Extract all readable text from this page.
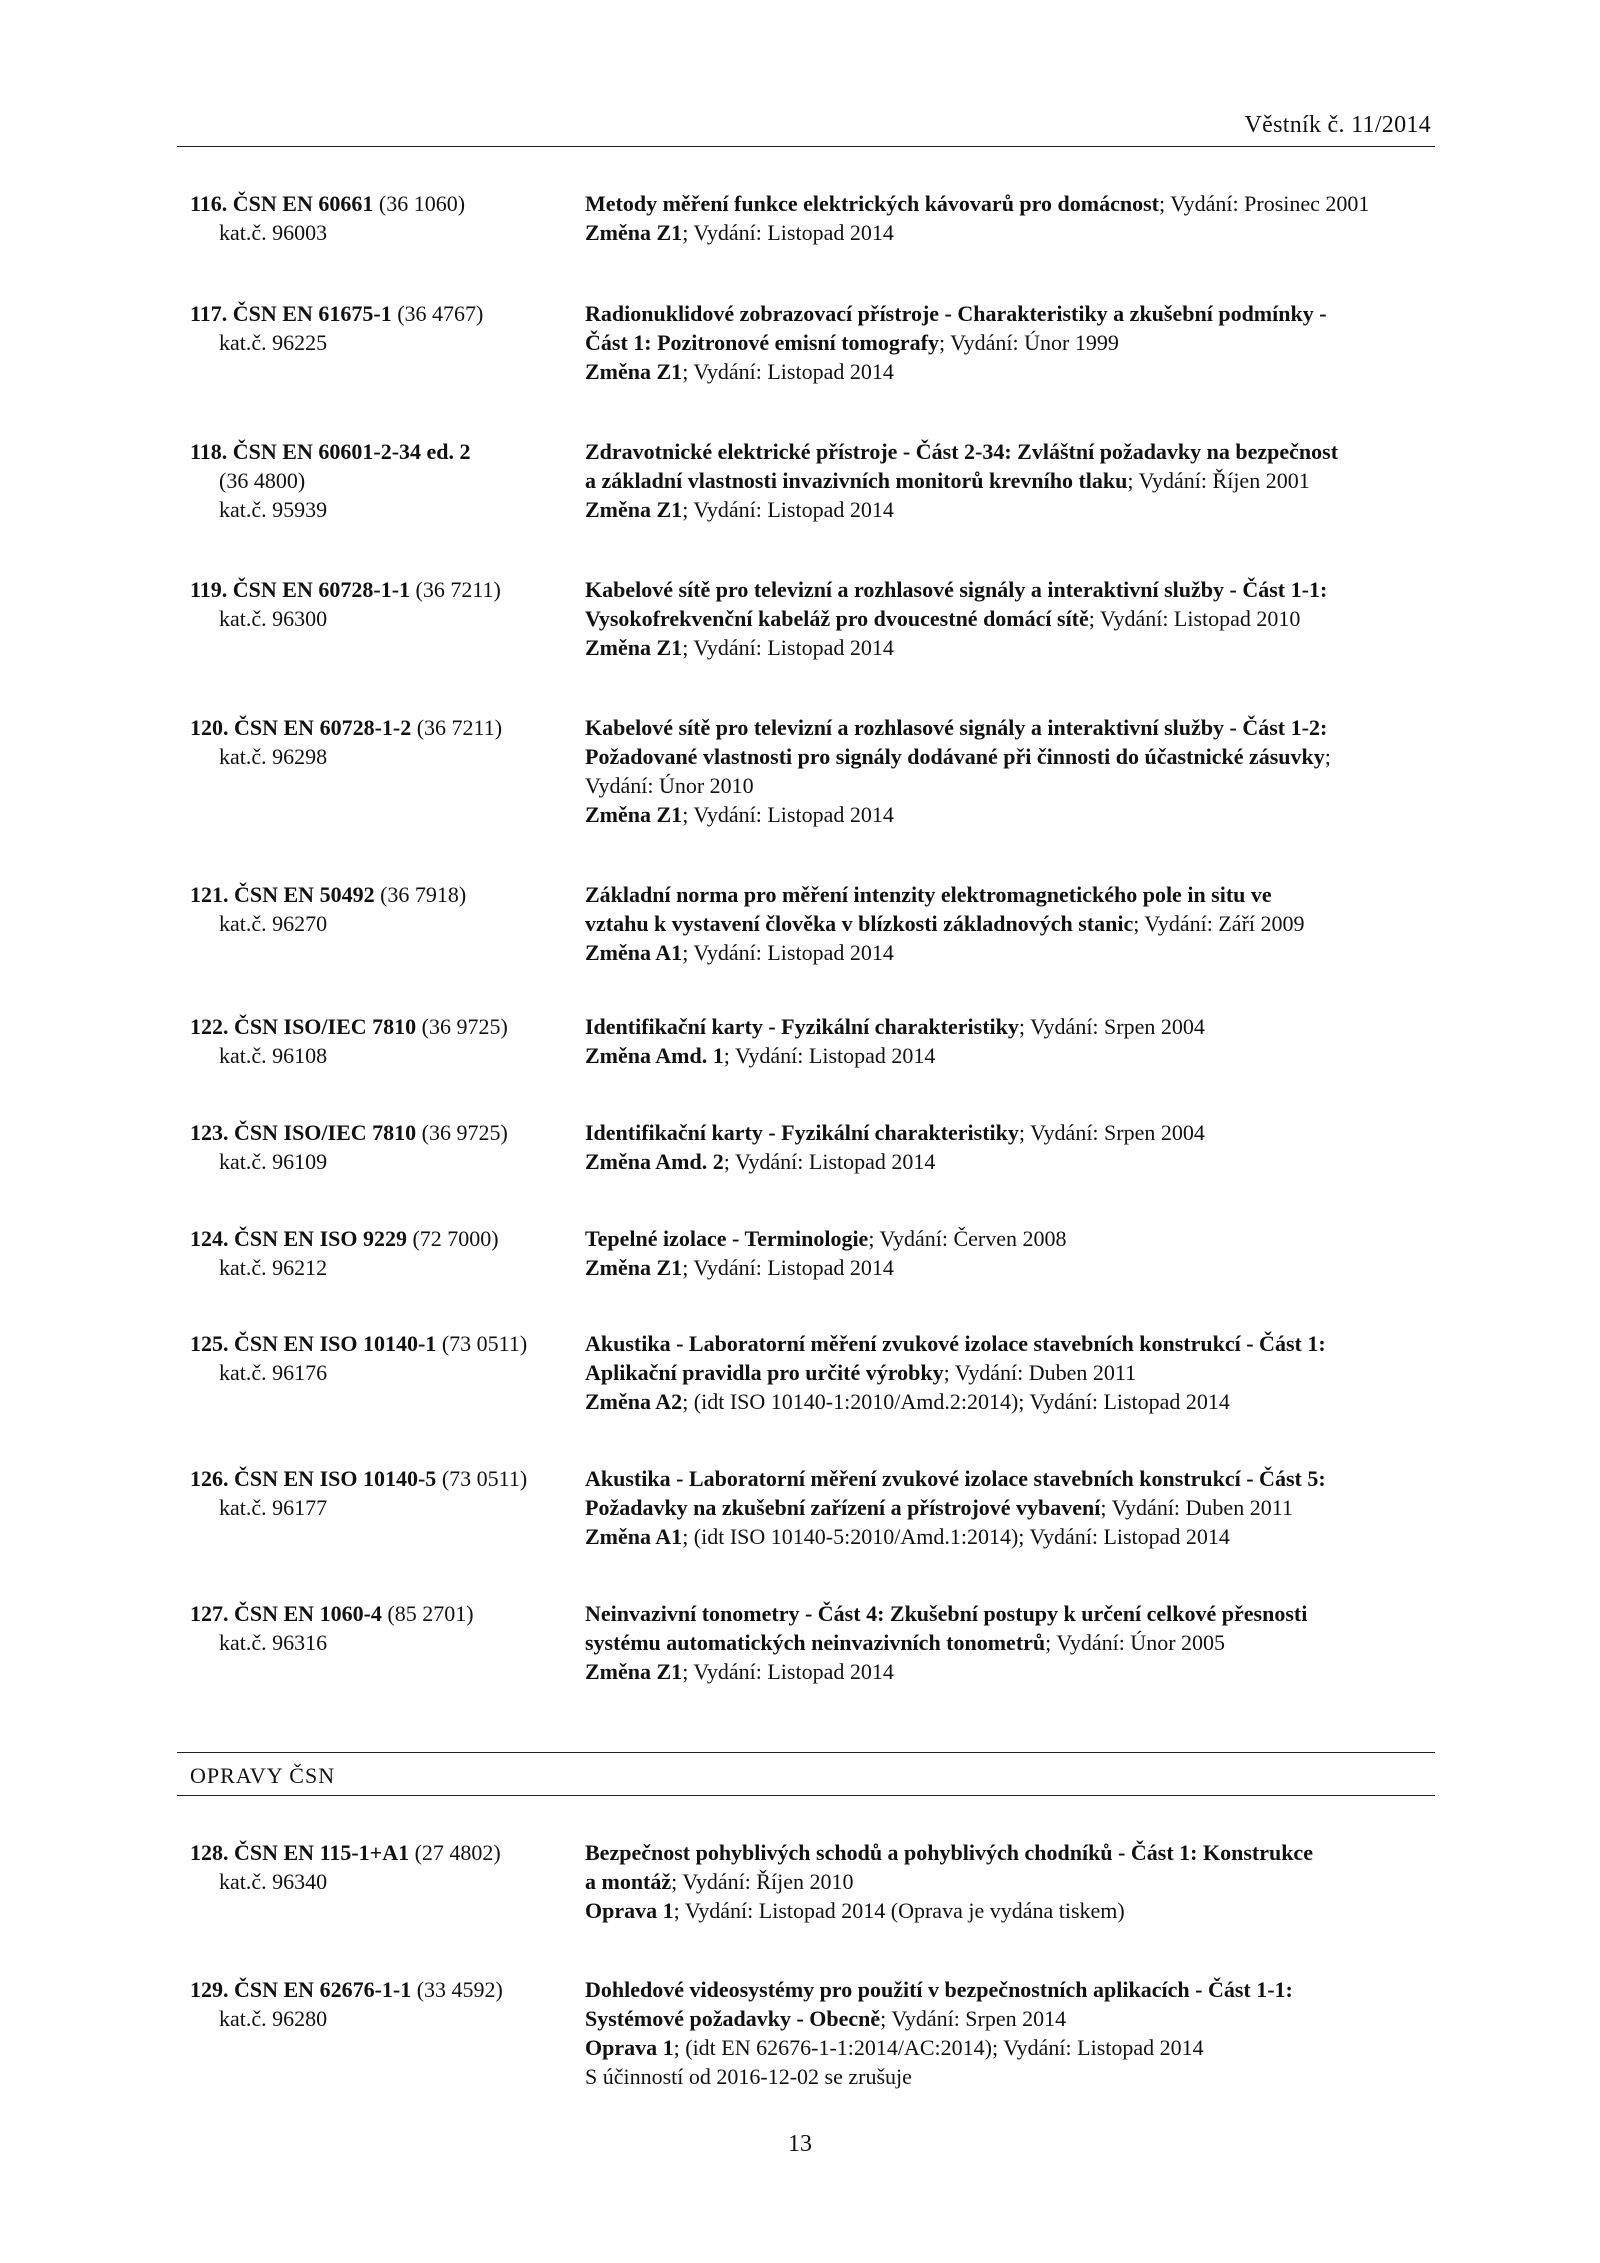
Věstník č. 11/2014
116. ČSN EN 60661 (36 1060)
kat.č. 96003
Metody měření funkce elektrických kávovarů pro domácnost; Vydání: Prosinec 2001
Změna Z1; Vydání: Listopad 2014
117. ČSN EN 61675-1 (36 4767)
kat.č. 96225
Radionuklidové zobrazovací přístroje - Charakteristiky a zkušební podmínky -
Část 1: Pozitronové emisní tomografy; Vydání: Únor 1999
Změna Z1; Vydání: Listopad 2014
118. ČSN EN 60601-2-34 ed. 2
(36 4800)
kat.č. 95939
Zdravotnické elektrické přístroje - Část 2-34: Zvláštní požadavky na bezpečnost
a základní vlastnosti invazivních monitorů krevního tlaku; Vydání: Říjen 2001
Změna Z1; Vydání: Listopad 2014
119. ČSN EN 60728-1-1 (36 7211)
kat.č. 96300
Kabelové sítě pro televizní a rozhlasové signály a interaktivní služby - Část 1-1:
Vysokofrekvenční kabeláž pro dvoucestné domácí sítě; Vydání: Listopad 2010
Změna Z1; Vydání: Listopad 2014
120. ČSN EN 60728-1-2 (36 7211)
kat.č. 96298
Kabelové sítě pro televizní a rozhlasové signály a interaktivní služby - Část 1-2:
Požadované vlastnosti pro signály dodávané při činnosti do účastnické zásuvky;
Vydání: Únor 2010
Změna Z1; Vydání: Listopad 2014
121. ČSN EN 50492 (36 7918)
kat.č. 96270
Základní norma pro měření intenzity elektromagnetického pole in situ ve
vztahu k vystavení člověka v blízkosti základnových stanic; Vydání: Září 2009
Změna A1; Vydání: Listopad 2014
122. ČSN ISO/IEC 7810 (36 9725)
kat.č. 96108
Identifikační karty - Fyzikální charakteristiky; Vydání: Srpen 2004
Změna Amd. 1; Vydání: Listopad 2014
123. ČSN ISO/IEC 7810 (36 9725)
kat.č. 96109
Identifikační karty - Fyzikální charakteristiky; Vydání: Srpen 2004
Změna Amd. 2; Vydání: Listopad 2014
124. ČSN EN ISO 9229 (72 7000)
kat.č. 96212
Tepelné izolace - Terminologie; Vydání: Červen 2008
Změna Z1; Vydání: Listopad 2014
125. ČSN EN ISO 10140-1 (73 0511)
kat.č. 96176
Akustika - Laboratorní měření zvukové izolace stavebních konstrukcí - Část 1:
Aplikační pravidla pro určité výrobky; Vydání: Duben 2011
Změna A2; (idt ISO 10140-1:2010/Amd.2:2014); Vydání: Listopad 2014
126. ČSN EN ISO 10140-5 (73 0511)
kat.č. 96177
Akustika - Laboratorní měření zvukové izolace stavebních konstrukcí - Část 5:
Požadavky na zkušební zařízení a přístrojové vybavení; Vydání: Duben 2011
Změna A1; (idt ISO 10140-5:2010/Amd.1:2014); Vydání: Listopad 2014
127. ČSN EN 1060-4 (85 2701)
kat.č. 96316
Neinvazivní tonometry - Část 4: Zkušební postupy k určení celkové přesnosti
systému automatických neinvazivních tonometrů; Vydání: Únor 2005
Změna Z1; Vydání: Listopad 2014
128. ČSN EN 115-1+A1 (27 4802)
kat.č. 96340
Bezpečnost pohyblivých schodů a pohyblivých chodníků - Část 1: Konstrukce
a montáž; Vydání: Říjen 2010
Oprava 1; Vydání: Listopad 2014 (Oprava je vydána tiskem)
129. ČSN EN 62676-1-1 (33 4592)
kat.č. 96280
Dohledové videosystémy pro použití v bezpečnostních aplikacích - Část 1-1:
Systémové požadavky - Obecně; Vydání: Srpen 2014
Oprava 1; (idt EN 62676-1-1:2014/AC:2014); Vydání: Listopad 2014
S účinností od 2016-12-02 se zrušuje
OPRAVY ČSN
13
